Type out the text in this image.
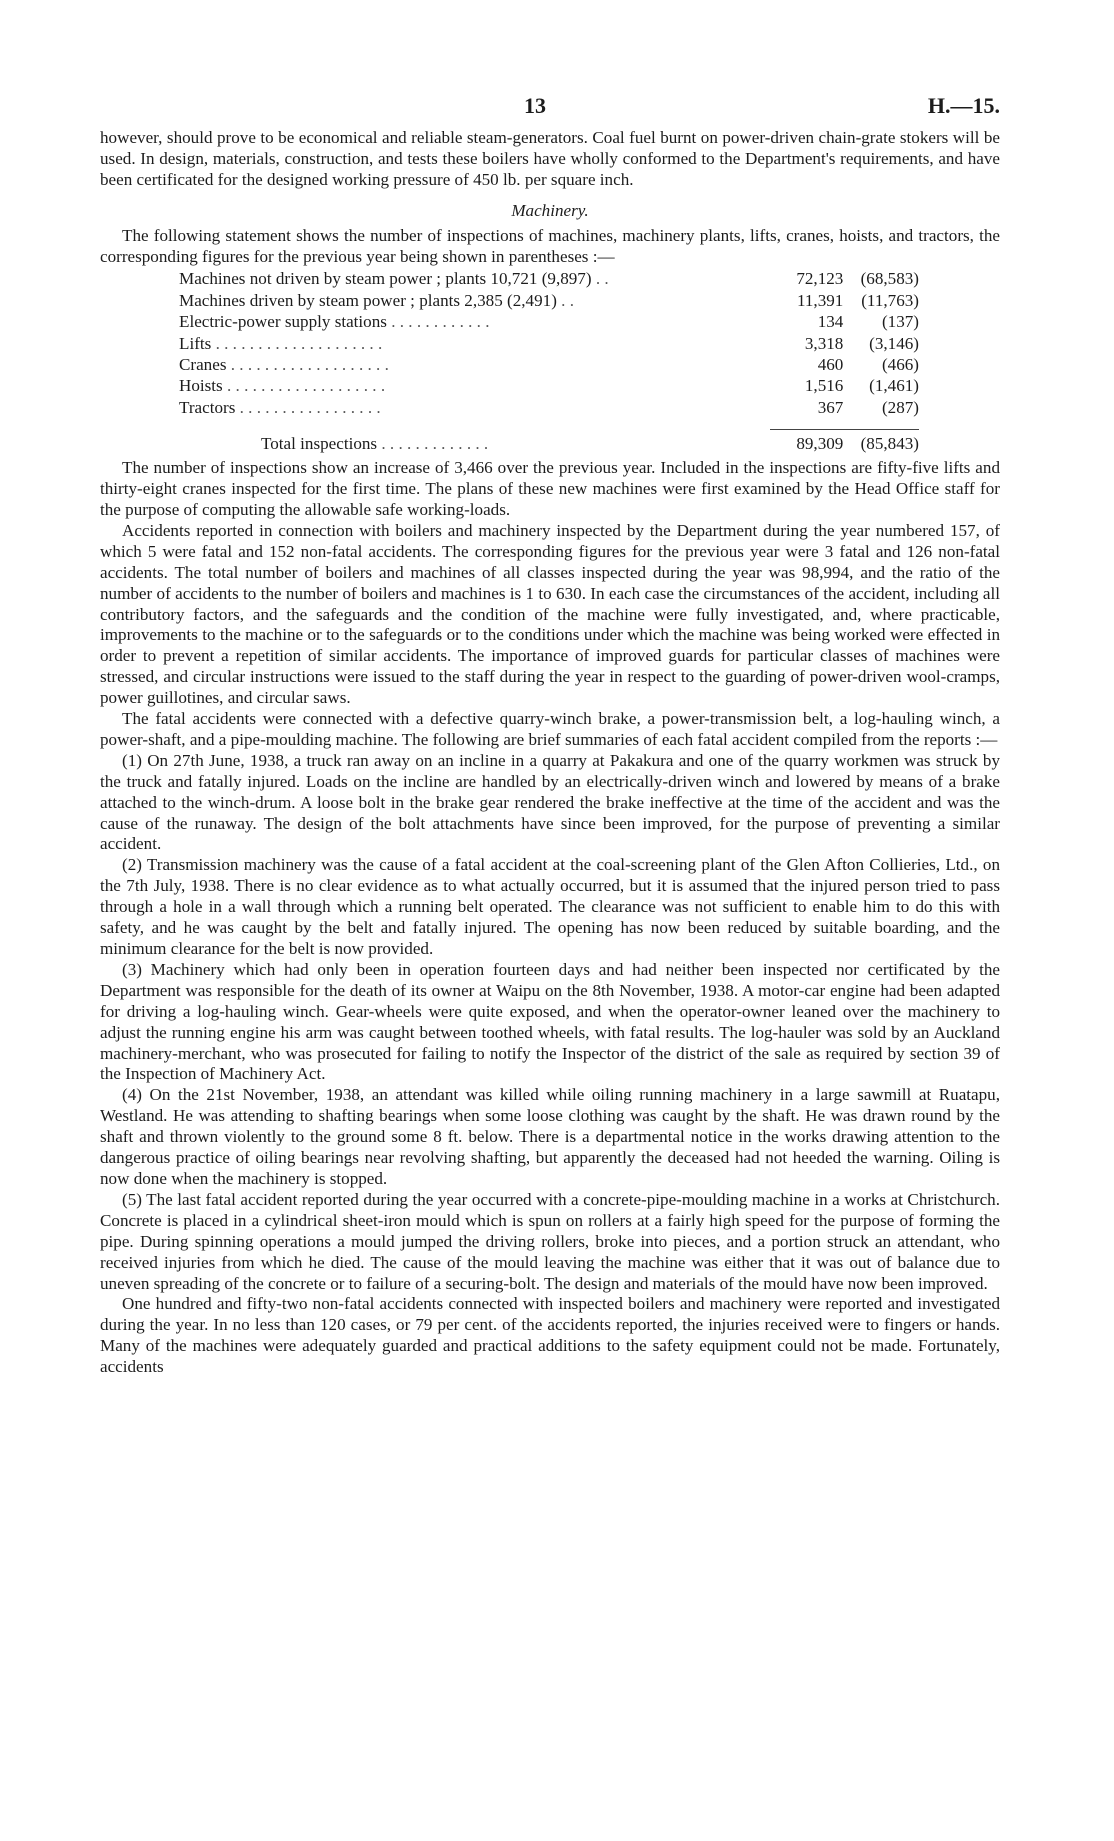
13	H.—15.

however, should prove to be economical and reliable steam-generators. Coal fuel burnt on power-driven chain-grate stokers will be used. In design, materials, construction, and tests these boilers have wholly conformed to the Department's requirements, and have been certificated for the designed working pressure of 450 lb. per square inch.

Machinery.

The following statement shows the number of inspections of machines, machinery plants, lifts, cranes, hoists, and tractors, the corresponding figures for the previous year being shown in parentheses :—

Machines not driven by steam power ; plants 10,721 (9,897) . .	72,123	(68,583)
Machines driven by steam power ; plants 2,385 (2,491) . .	11,391	(11,763)
Electric-power supply stations . . . . . . . . . . . .	134	(137)
Lifts . . . . . . . . . . . . . . . . . . . .	3,318	(3,146)
Cranes . . . . . . . . . . . . . . . . . . .	460	(466)
Hoists . . . . . . . . . . . . . . . . . . .	1,516	(1,461)
Tractors . . . . . . . . . . . . . . . . .	367	(287)

Total inspections . . . . . . . . . . . . .	89,309	(85,843)

The number of inspections show an increase of 3,466 over the previous year. Included in the inspections are fifty-five lifts and thirty-eight cranes inspected for the first time. The plans of these new machines were first examined by the Head Office staff for the purpose of computing the allowable safe working-loads.

Accidents reported in connection with boilers and machinery inspected by the Department during the year numbered 157, of which 5 were fatal and 152 non-fatal accidents. The corresponding figures for the previous year were 3 fatal and 126 non-fatal accidents. The total number of boilers and machines of all classes inspected during the year was 98,994, and the ratio of the number of accidents to the number of boilers and machines is 1 to 630. In each case the circumstances of the accident, including all contributory factors, and the safeguards and the condition of the machine were fully investigated, and, where practicable, improvements to the machine or to the safeguards or to the conditions under which the machine was being worked were effected in order to prevent a repetition of similar accidents. The importance of improved guards for particular classes of machines were stressed, and circular instructions were issued to the staff during the year in respect to the guarding of power-driven wool-cramps, power guillotines, and circular saws.

The fatal accidents were connected with a defective quarry-winch brake, a power-transmission belt, a log-hauling winch, a power-shaft, and a pipe-moulding machine. The following are brief summaries of each fatal accident compiled from the reports :—

(1) On 27th June, 1938, a truck ran away on an incline in a quarry at Pakakura and one of the quarry workmen was struck by the truck and fatally injured. Loads on the incline are handled by an electrically-driven winch and lowered by means of a brake attached to the winch-drum. A loose bolt in the brake gear rendered the brake ineffective at the time of the accident and was the cause of the runaway. The design of the bolt attachments have since been improved, for the purpose of preventing a similar accident.

(2) Transmission machinery was the cause of a fatal accident at the coal-screening plant of the Glen Afton Collieries, Ltd., on the 7th July, 1938. There is no clear evidence as to what actually occurred, but it is assumed that the injured person tried to pass through a hole in a wall through which a running belt operated. The clearance was not sufficient to enable him to do this with safety, and he was caught by the belt and fatally injured. The opening has now been reduced by suitable boarding, and the minimum clearance for the belt is now provided.

(3) Machinery which had only been in operation fourteen days and had neither been inspected nor certificated by the Department was responsible for the death of its owner at Waipu on the 8th November, 1938. A motor-car engine had been adapted for driving a log-hauling winch. Gear-wheels were quite exposed, and when the operator-owner leaned over the machinery to adjust the running engine his arm was caught between toothed wheels, with fatal results. The log-hauler was sold by an Auckland machinery-merchant, who was prosecuted for failing to notify the Inspector of the district of the sale as required by section 39 of the Inspection of Machinery Act.

(4) On the 21st November, 1938, an attendant was killed while oiling running machinery in a large sawmill at Ruatapu, Westland. He was attending to shafting bearings when some loose clothing was caught by the shaft. He was drawn round by the shaft and thrown violently to the ground some 8 ft. below. There is a departmental notice in the works drawing attention to the dangerous practice of oiling bearings near revolving shafting, but apparently the deceased had not heeded the warning. Oiling is now done when the machinery is stopped.

(5) The last fatal accident reported during the year occurred with a concrete-pipe-moulding machine in a works at Christchurch. Concrete is placed in a cylindrical sheet-iron mould which is spun on rollers at a fairly high speed for the purpose of forming the pipe. During spinning operations a mould jumped the driving rollers, broke into pieces, and a portion struck an attendant, who received injuries from which he died. The cause of the mould leaving the machine was either that it was out of balance due to uneven spreading of the concrete or to failure of a securing-bolt. The design and materials of the mould have now been improved.

One hundred and fifty-two non-fatal accidents connected with inspected boilers and machinery were reported and investigated during the year. In no less than 120 cases, or 79 per cent. of the accidents reported, the injuries received were to fingers or hands. Many of the machines were adequately guarded and practical additions to the safety equipment could not be made. Fortunately, accidents
